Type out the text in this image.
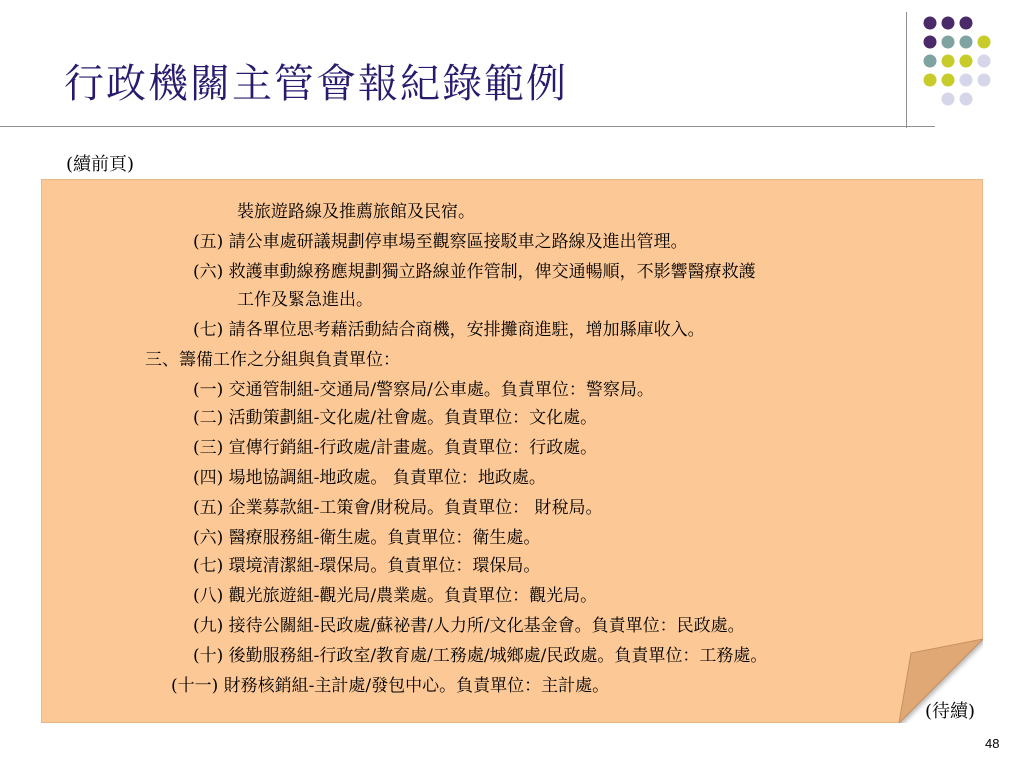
行政機關主管會報紀錄範例
(續前頁)
裝旅遊路線及推薦旅館及民宿。
(五) 請公車處研議規劃停車場至觀察區接駁車之路線及進出管理。
(六) 救護車動線務應規劃獨立路線並作管制，俾交通暢順，不影響醫療救護
工作及緊急進出。
(七) 請各單位思考藉活動結合商機，安排攤商進駐，增加縣庫收入。
三、籌備工作之分組與負責單位：
(一) 交通管制組-交通局/警察局/公車處。負責單位：警察局。
(二) 活動策劃組-文化處/社會處。負責單位：文化處。
(三) 宣傳行銷組-行政處/計畫處。負責單位：行政處。
(四) 場地協調組-地政處。 負責單位：地政處。
(五) 企業募款組-工策會/財稅局。負責單位： 財稅局。
(六) 醫療服務組-衛生處。負責單位：衛生處。
(七) 環境清潔組-環保局。負責單位：環保局。
(八) 觀光旅遊組-觀光局/農業處。負責單位：觀光局。
(九) 接待公關組-民政處/蘇祕書/人力所/文化基金會。負責單位：民政處。
(十) 後勤服務組-行政室/教育處/工務處/城鄉處/民政處。負責單位：工務處。
(十一) 財務核銷組-主計處/發包中心。負責單位：主計處。
(待續)
48
